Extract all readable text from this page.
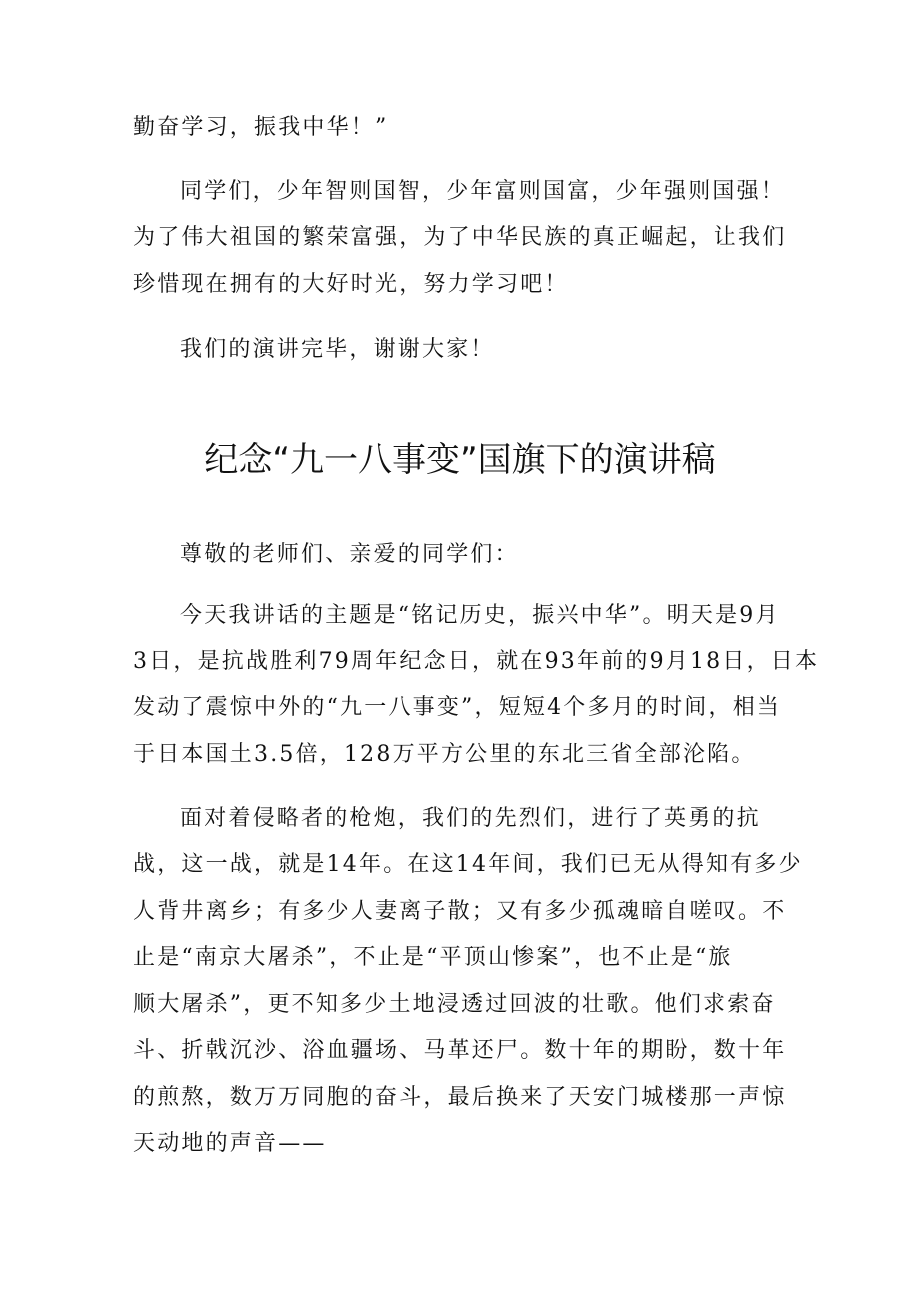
勤奋学习，振我中华！”
同学们，少年智则国智，少年富则国富，少年强则国强！
为了伟大祖国的繁荣富强，为了中华民族的真正崛起，让我们
珍惜现在拥有的大好时光，努力学习吧！
我们的演讲完毕，谢谢大家！
纪念“九一八事变”国旗下的演讲稿
尊敬的老师们、亲爱的同学们：
今天我讲话的主题是“铭记历史，振兴中华”。明天是9月
3日，是抗战胜利79周年纪念日，就在93年前的9月18日，日本
发动了震惊中外的“九一八事变”，短短4个多月的时间，相当
于日本国土3.5倍，128万平方公里的东北三省全部沦陷。
面对着侵略者的枪炮，我们的先烈们，进行了英勇的抗
战，这一战，就是14年。在这14年间，我们已无从得知有多少
人背井离乡；有多少人妻离子散；又有多少孤魂暗自嗟叹。不
止是“南京大屠杀”，不止是“平顶山惨案”，也不止是“旅
顺大屠杀”，更不知多少土地浸透过回波的壮歌。他们求索奋
斗、折戟沉沙、浴血疆场、马革还尸。数十年的期盼，数十年
的煎熬，数万万同胞的奋斗，最后换来了天安门城楼那一声惊
天动地的声音——
